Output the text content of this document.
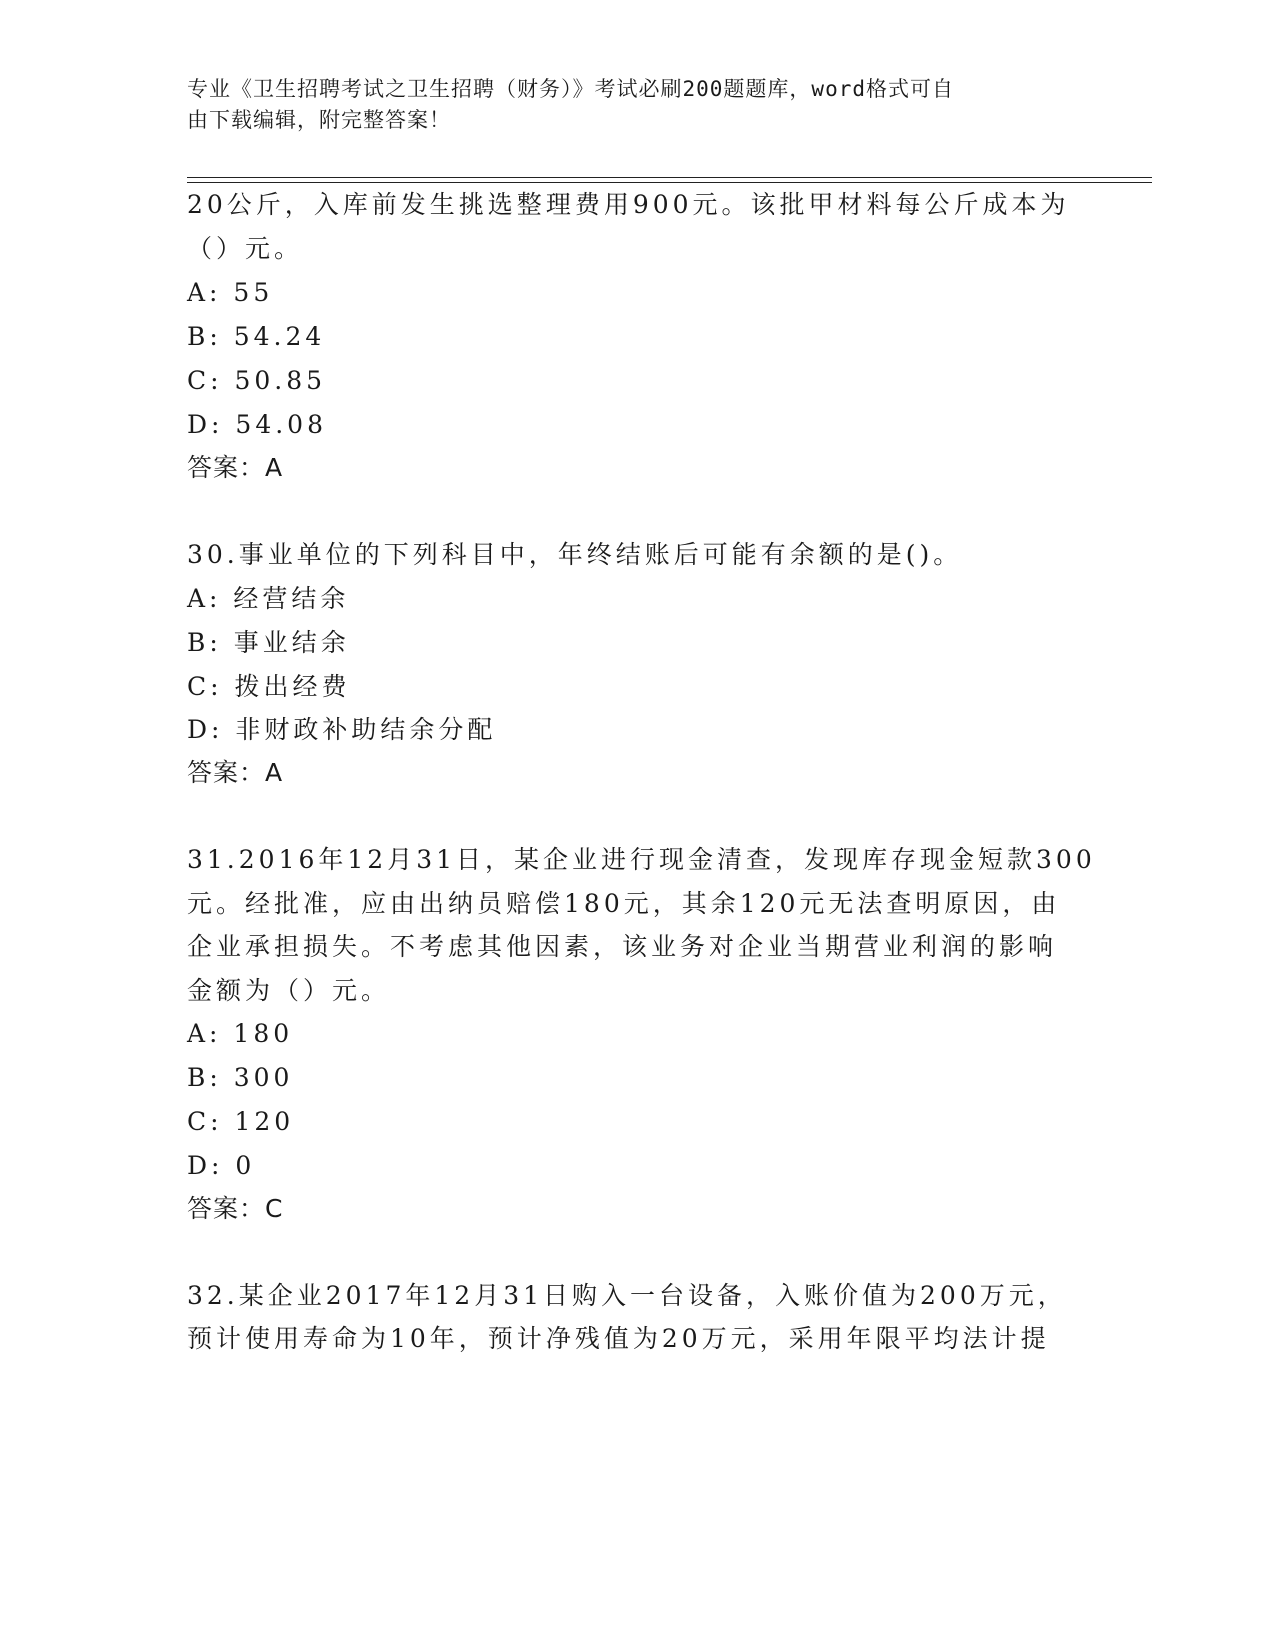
专业《卫生招聘考试之卫生招聘（财务）》考试必刷200题题库，word格式可自
由下载编辑，附完整答案！
20公斤，入库前发生挑选整理费用900元。该批甲材料每公斤成本为
（）元。
A: 55
B: 54.24
C: 50.85
D: 54.08
答案：A
30.事业单位的下列科目中，年终结账后可能有余额的是()。
A: 经营结余
B: 事业结余
C: 拨出经费
D: 非财政补助结余分配
答案：A
31.2016年12月31日，某企业进行现金清查，发现库存现金短款300
元。经批准，应由出纳员赔偿180元，其余120元无法查明原因，由
企业承担损失。不考虑其他因素，该业务对企业当期营业利润的影响
金额为（）元。
A: 180
B: 300
C: 120
D: 0
答案：C
32.某企业2017年12月31日购入一台设备，入账价值为200万元，
预计使用寿命为10年，预计净残值为20万元，采用年限平均法计提
